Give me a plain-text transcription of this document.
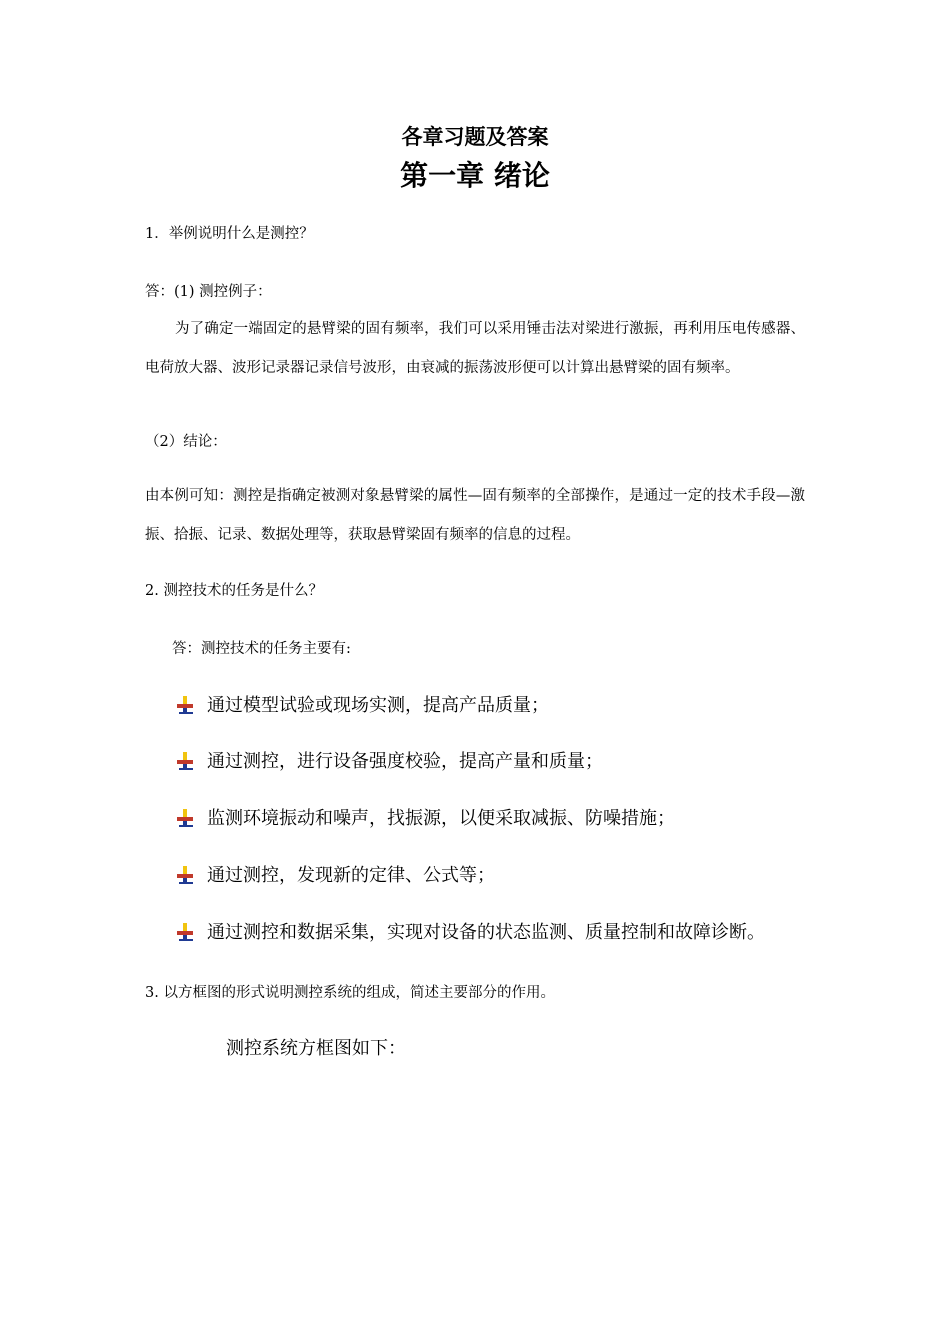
各章习题及答案
第一章 绪论
1．举例说明什么是测控？
答：(1) 测控例子：
为了确定一端固定的悬臂梁的固有频率，我们可以采用锤击法对梁进行激振，再利用压电传感器、电荷放大器、波形记录器记录信号波形，由衰减的振荡波形便可以计算出悬臂梁的固有频率。
（2）结论：
由本例可知：测控是指确定被测对象悬臂梁的属性—固有频率的全部操作，是通过一定的技术手段—激振、拾振、记录、数据处理等，获取悬臂梁固有频率的信息的过程。
2. 测控技术的任务是什么？
答：测控技术的任务主要有:
通过模型试验或现场实测，提高产品质量；
通过测控，进行设备强度校验，提高产量和质量；
监测环境振动和噪声，找振源，以便采取减振、防噪措施；
通过测控，发现新的定律、公式等；
通过测控和数据采集，实现对设备的状态监测、质量控制和故障诊断。
3. 以方框图的形式说明测控系统的组成，简述主要部分的作用。
测控系统方框图如下：
